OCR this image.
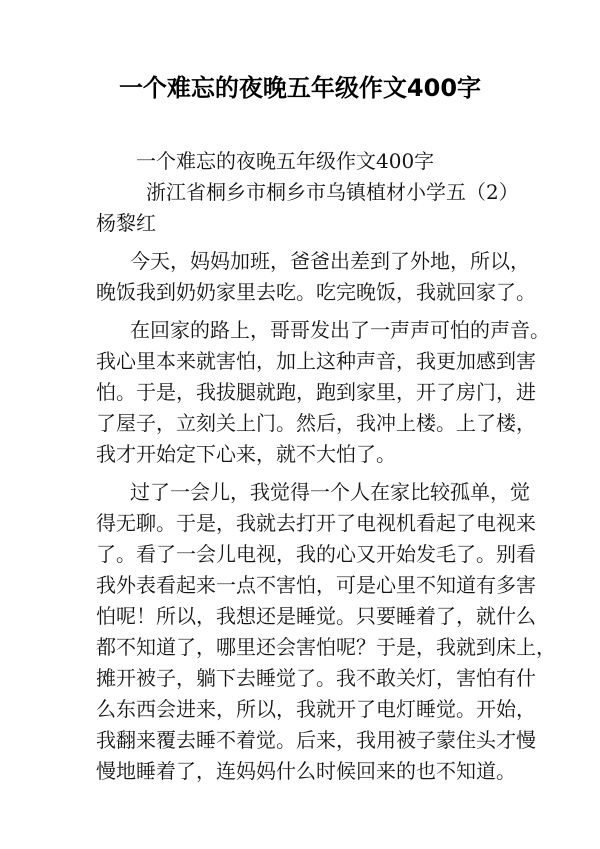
一个难忘的夜晚五年级作文400字
一个难忘的夜晚五年级作文400字
浙江省桐乡市桐乡市乌镇植材小学五（2）
杨黎红
今天，妈妈加班，爸爸出差到了外地，所以，
晚饭我到奶奶家里去吃。吃完晚饭，我就回家了。
在回家的路上，哥哥发出了一声声可怕的声音。
我心里本来就害怕，加上这种声音，我更加感到害
怕。于是，我拔腿就跑，跑到家里，开了房门，进
了屋子，立刻关上门。然后，我冲上楼。上了楼，
我才开始定下心来，就不大怕了。
过了一会儿，我觉得一个人在家比较孤单，觉
得无聊。于是，我就去打开了电视机看起了电视来
了。看了一会儿电视，我的心又开始发毛了。别看
我外表看起来一点不害怕，可是心里不知道有多害
怕呢！所以，我想还是睡觉。只要睡着了，就什么
都不知道了，哪里还会害怕呢？于是，我就到床上，
摊开被子，躺下去睡觉了。我不敢关灯，害怕有什
么东西会进来，所以，我就开了电灯睡觉。开始，
我翻来覆去睡不着觉。后来，我用被子蒙住头才慢
慢地睡着了，连妈妈什么时候回来的也不知道。
